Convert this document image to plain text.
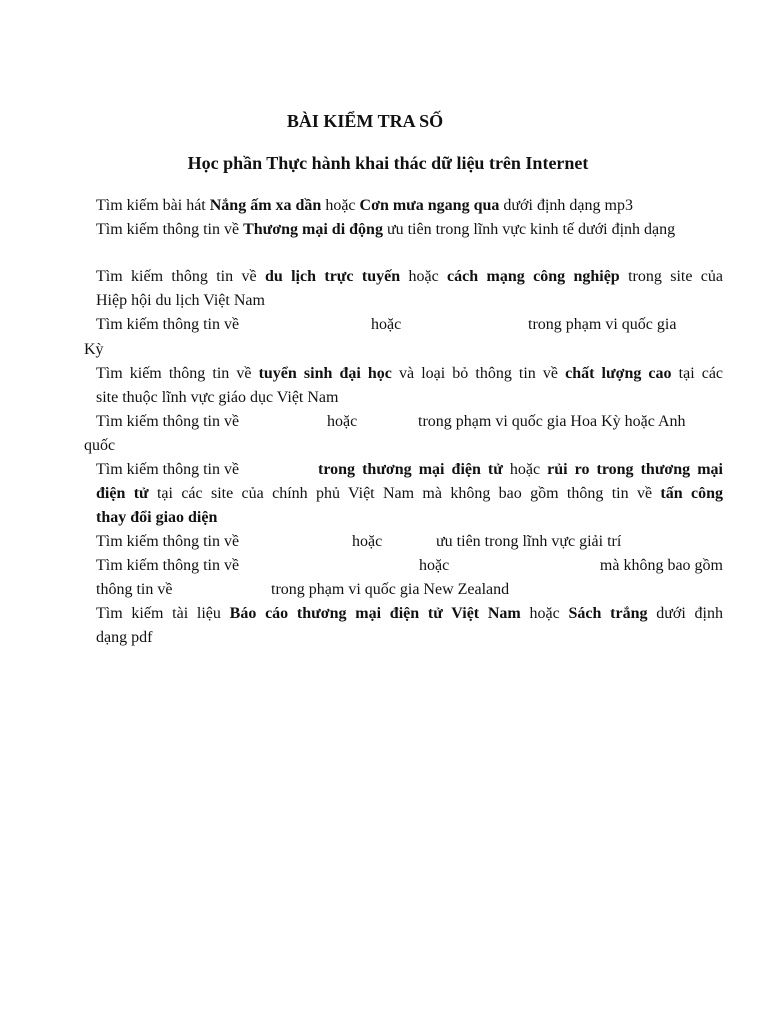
BÀI KIỂM TRA SỐ
Học phần Thực hành khai thác dữ liệu trên Internet
Tìm kiếm bài hát Nắng ấm xa dần hoặc Cơn mưa ngang qua dưới định dạng mp3
Tìm kiếm thông tin về Thương mại di động ưu tiên trong lĩnh vực kinh tế dưới định dạng
Tìm kiếm thông tin về du lịch trực tuyến hoặc cách mạng công nghiệp trong site của
Hiệp hội du lịch Việt Nam
Tìm kiếm thông tin về	hoặc	trong phạm vi quốc gia
Kỳ
Tìm kiếm thông tin về tuyển sinh đại học và loại bỏ thông tin về chất lượng cao tại các
site thuộc lĩnh vực giáo dục Việt Nam
Tìm kiếm thông tin về	hoặc	trong phạm vi quốc gia Hoa Kỳ hoặc Anh
quốc
Tìm kiếm thông tin về	trong thương mại điện tử hoặc rủi ro trong thương mại
điện tử tại các site của chính phủ Việt Nam mà không bao gồm thông tin về tấn công
thay đổi giao diện
Tìm kiếm thông tin về	hoặc	ưu tiên trong lĩnh vực giải trí
Tìm kiếm thông tin về	hoặc	mà không bao gồm
thông tin về	trong phạm vi quốc gia New Zealand
Tìm kiếm tài liệu Báo cáo thương mại điện tử Việt Nam hoặc Sách trắng dưới định
dạng pdf
